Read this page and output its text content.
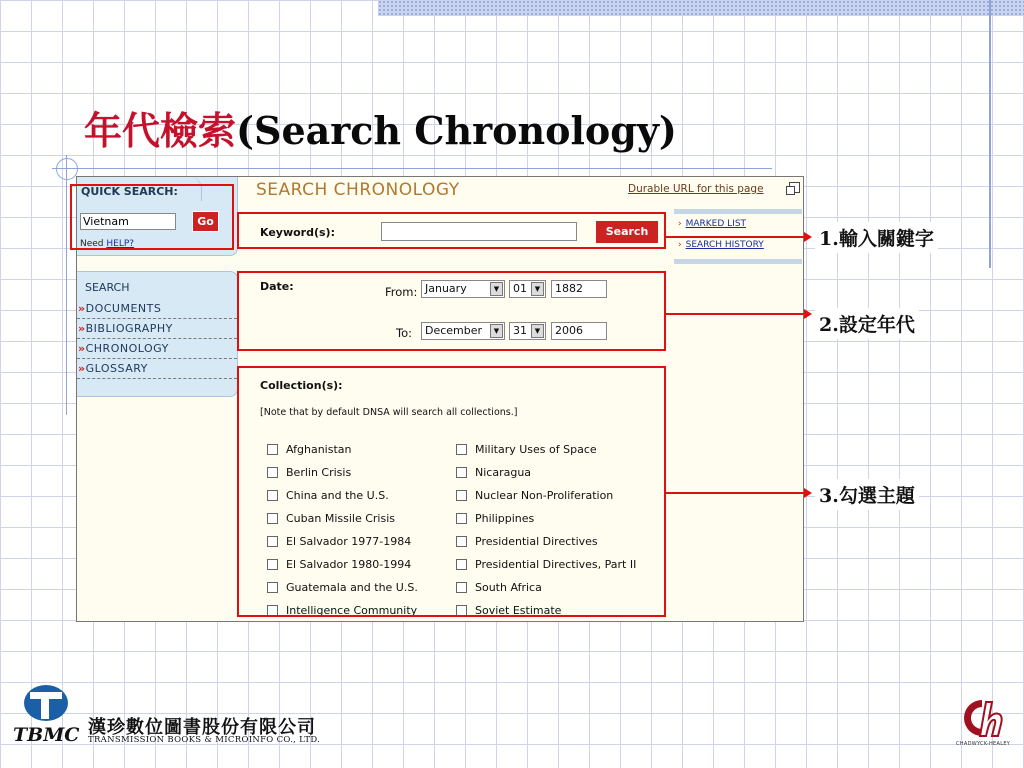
年代檢索(Search Chronology)
QUICK SEARCH:
Vietnam	Go
Need HELP?
SEARCH
»DOCUMENTS
»BIBLIOGRAPHY
»CHRONOLOGY
»GLOSSARY
SEARCH CHRONOLOGY	Durable URL for this page
Keyword(s):	Search
› MARKED LIST
› SEARCH HISTORY
Date:	From: January	▼	01	▼	1882
To:	December	▼	31	▼	2006
Collection(s):
[Note that by default DNSA will search all collections.]
Afghanistan
Berlin Crisis
China and the U.S.
Cuban Missile Crisis
El Salvador 1977-1984
El Salvador 1980-1994
Guatemala and the U.S.
Intelligence Community
Military Uses of Space
Nicaragua
Nuclear Non-Proliferation
Philippines
Presidential Directives
Presidential Directives, Part II
South Africa
Soviet Estimate
1.輸入關鍵字
2.設定年代
3.勾選主題
TBMC 漢珍數位圖書股份有限公司
TRANSMISSION BOOKS & MICROINFO CO., LTD.	CHADWYCK-HEALEY
